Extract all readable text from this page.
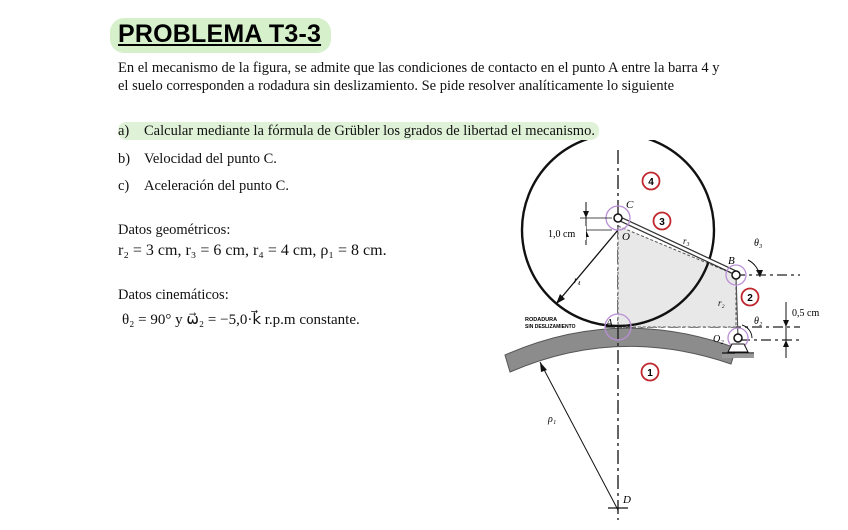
PROBLEMA T3-3
En el mecanismo de la figura, se admite que las condiciones de contacto en el punto A entre la barra 4 y el suelo corresponden a rodadura sin deslizamiento. Se pide resolver analíticamente lo siguiente
a) Calcular mediante la fórmula de Grübler los grados de libertad el mecanismo.
b) Velocidad del punto C.
c) Aceleración del punto C.
Datos geométricos:
r₂ = 3 cm, r₃ = 6 cm, r₄ = 4 cm, ρ₁ = 8 cm.
Datos cinemáticos:
θ₂ = 90° y ω⃗₂ = −5,0·k⃗ r.p.m constante.
r₄
r₃
r₂
C
O
1,0 cm
B
θ₃
A
RODADURA
SIN DESLIZAMIENTO
O₂
θ₂
0,5 cm
ρ₁
D
4
3
2
1
